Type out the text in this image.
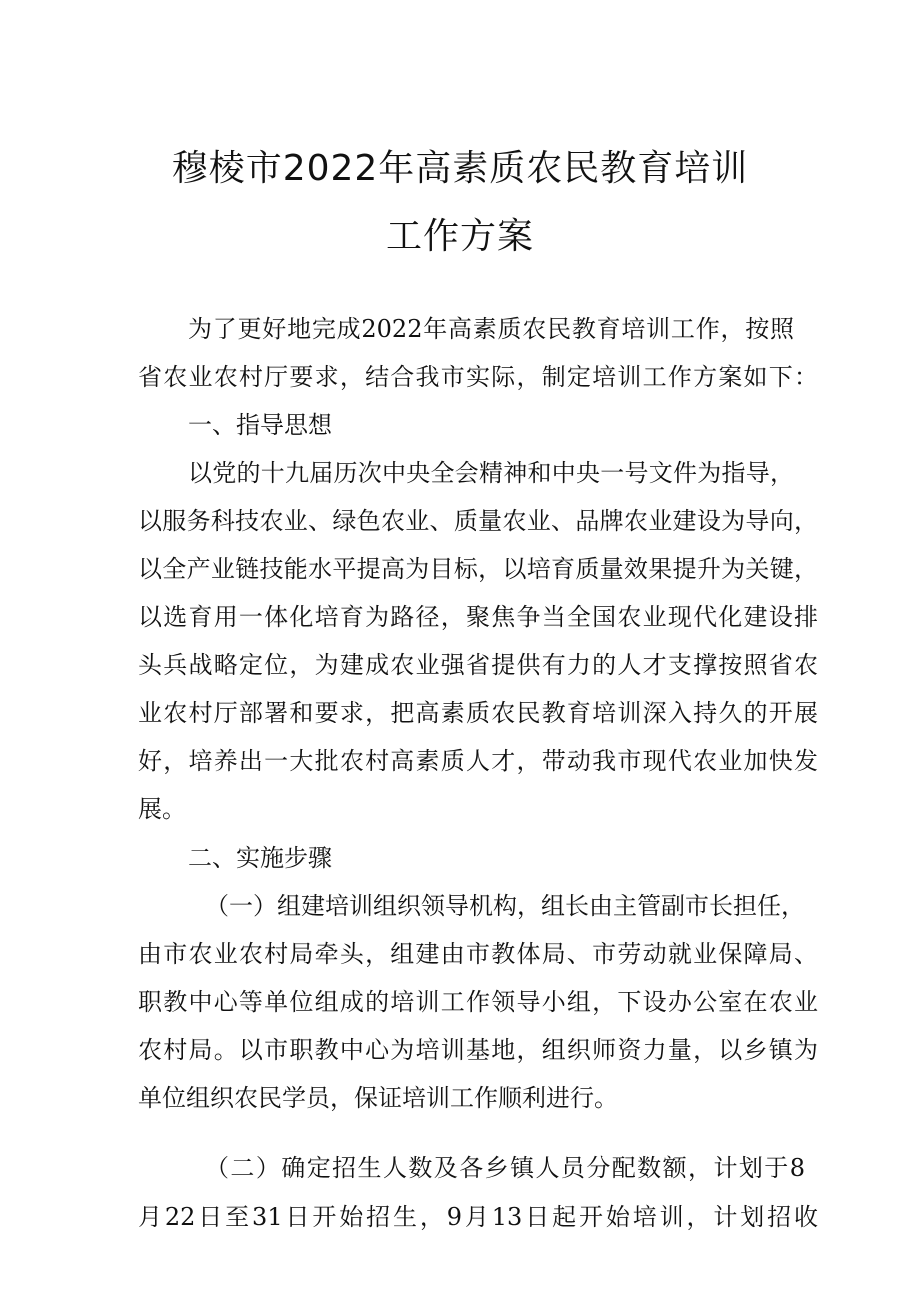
穆棱市2022年高素质农民教育培训
工作方案
为了更好地完成2022年高素质农民教育培训工作，按照
省农业农村厅要求，结合我市实际，制定培训工作方案如下：
一、指导思想
以党的十九届历次中央全会精神和中央一号文件为指导，
以服务科技农业、绿色农业、质量农业、品牌农业建设为导向，
以全产业链技能水平提高为目标，以培育质量效果提升为关键，
以选育用一体化培育为路径，聚焦争当全国农业现代化建设排
头兵战略定位，为建成农业强省提供有力的人才支撑按照省农
业农村厅部署和要求，把高素质农民教育培训深入持久的开展
好，培养出一大批农村高素质人才，带动我市现代农业加快发
展。
二、实施步骤
（一）组建培训组织领导机构，组长由主管副市长担任，
由市农业农村局牵头，组建由市教体局、市劳动就业保障局、
职教中心等单位组成的培训工作领导小组，下设办公室在农业
农村局。以市职教中心为培训基地，组织师资力量，以乡镇为
单位组织农民学员，保证培训工作顺利进行。
（二）确定招生人数及各乡镇人员分配数额，计划于8
月22日至31日开始招生，9月13日起开始培训，计划招收
